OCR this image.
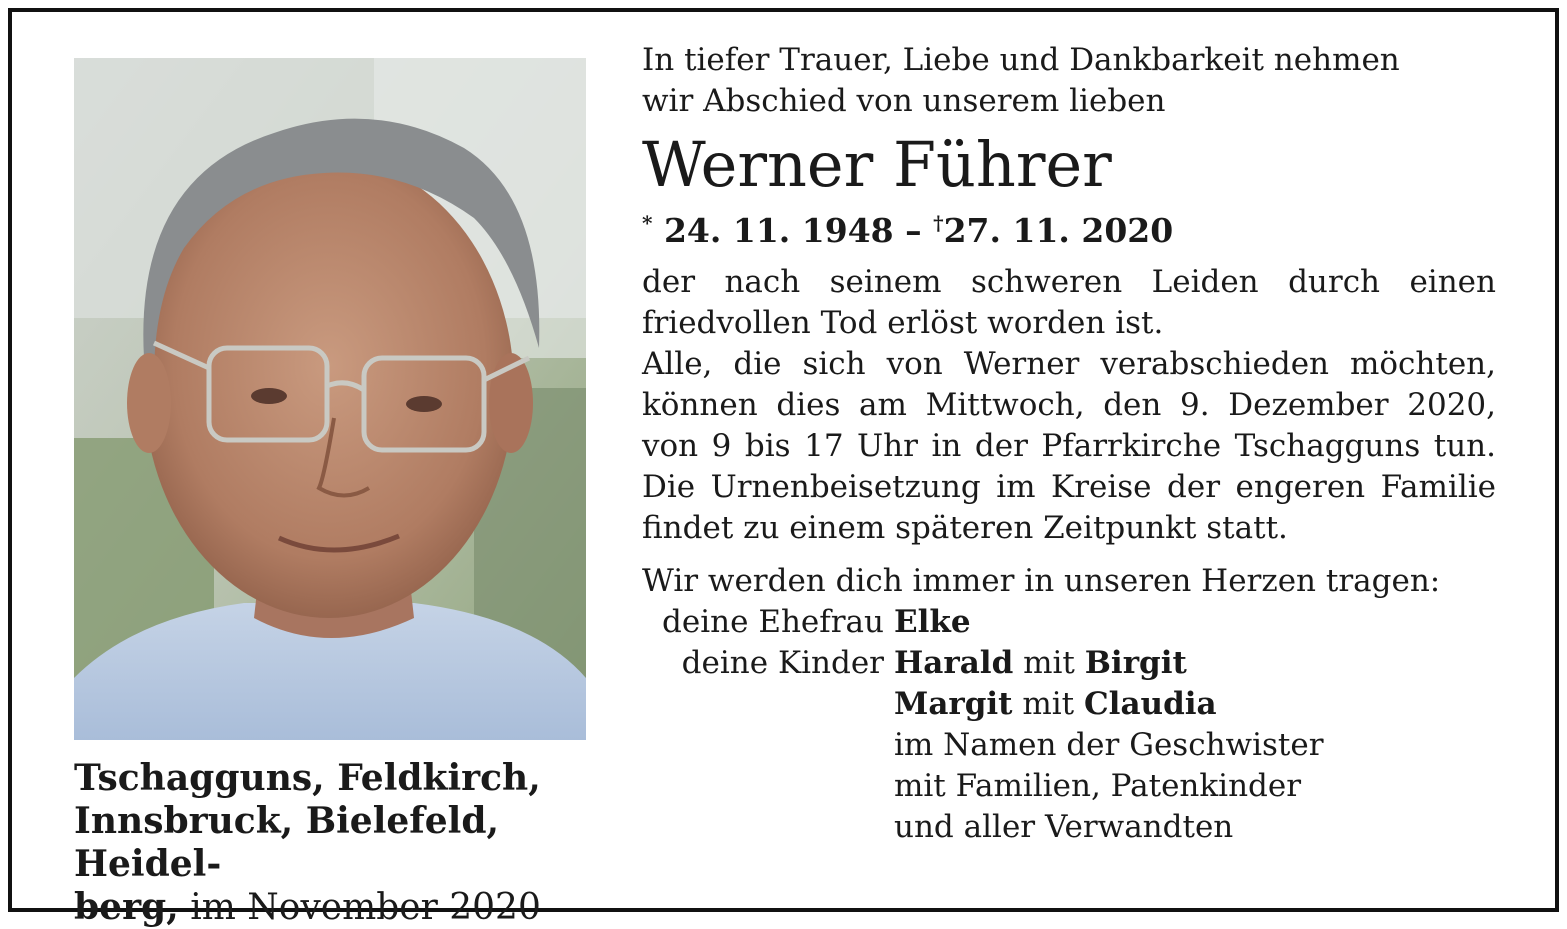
Tschagguns, Feldkirch,
Innsbruck, Bielefeld, Heidel-
berg, im November 2020

In tiefer Trauer, Liebe und Dankbarkeit nehmen
wir Abschied von unserem lieben

Werner Führer
* 24. 11. 1948 – †27. 11. 2020
der nach seinem schweren Leiden durch einen friedvollen Tod erlöst worden ist.
Alle, die sich von Werner verabschieden möchten, können dies am Mittwoch, den 9. Dezember 2020, von 9 bis 17 Uhr in der Pfarrkirche Tschagguns tun. Die Urnenbeisetzung im Kreise der engeren Familie findet zu einem späteren Zeitpunkt statt.
Wir werden dich immer in unseren Herzen tragen:
deine Ehefrau Elke
deine Kinder Harald mit Birgit
Margit mit Claudia
im Namen der Geschwister
mit Familien, Patenkinder
und aller Verwandten
